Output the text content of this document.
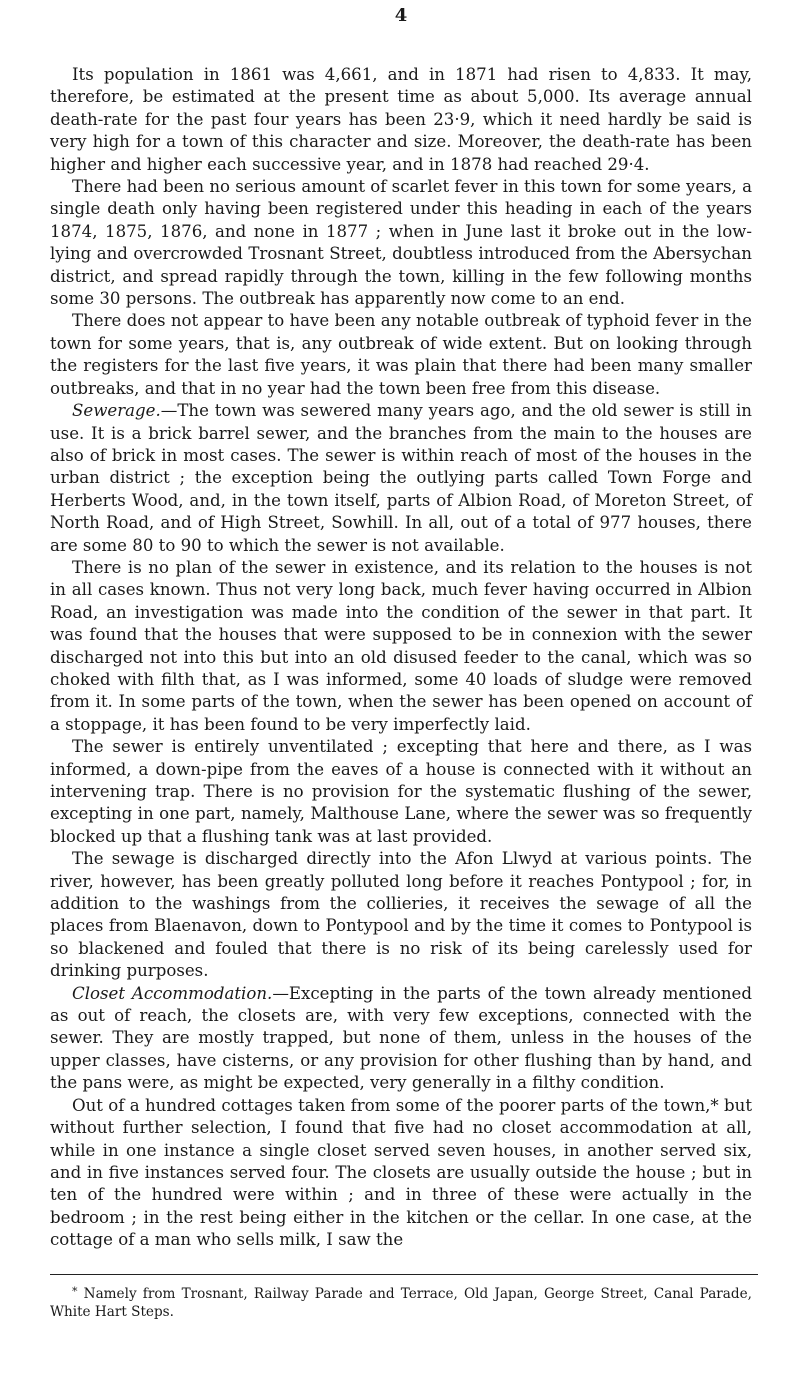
4

Its population in 1861 was 4,661, and in 1871 had risen to 4,833. It may, therefore, be estimated at the present time as about 5,000. Its average annual death-rate for the past four years has been 23·9, which it need hardly be said is very high for a town of this character and size. Moreover, the death-rate has been higher and higher each successive year, and in 1878 had reached 29·4.

There had been no serious amount of scarlet fever in this town for some years, a single death only having been registered under this heading in each of the years 1874, 1875, 1876, and none in 1877 ; when in June last it broke out in the low-lying and overcrowded Trosnant Street, doubtless introduced from the Abersychan district, and spread rapidly through the town, killing in the few following months some 30 persons. The outbreak has apparently now come to an end.

There does not appear to have been any notable outbreak of typhoid fever in the town for some years, that is, any outbreak of wide extent. But on looking through the registers for the last five years, it was plain that there had been many smaller outbreaks, and that in no year had the town been free from this disease.

Sewerage.—The town was sewered many years ago, and the old sewer is still in use. It is a brick barrel sewer, and the branches from the main to the houses are also of brick in most cases. The sewer is within reach of most of the houses in the urban district ; the exception being the outlying parts called Town Forge and Herberts Wood, and, in the town itself, parts of Albion Road, of Moreton Street, of North Road, and of High Street, Sowhill. In all, out of a total of 977 houses, there are some 80 to 90 to which the sewer is not available.

There is no plan of the sewer in existence, and its relation to the houses is not in all cases known. Thus not very long back, much fever having occurred in Albion Road, an investigation was made into the condition of the sewer in that part. It was found that the houses that were supposed to be in connexion with the sewer discharged not into this but into an old disused feeder to the canal, which was so choked with filth that, as I was informed, some 40 loads of sludge were removed from it. In some parts of the town, when the sewer has been opened on account of a stoppage, it has been found to be very imperfectly laid.

The sewer is entirely unventilated ; excepting that here and there, as I was informed, a down-pipe from the eaves of a house is connected with it without an intervening trap. There is no provision for the systematic flushing of the sewer, excepting in one part, namely, Malthouse Lane, where the sewer was so frequently blocked up that a flushing tank was at last provided.

The sewage is discharged directly into the Afon Llwyd at various points. The river, however, has been greatly polluted long before it reaches Pontypool ; for, in addition to the washings from the collieries, it receives the sewage of all the places from Blaenavon, down to Pontypool and by the time it comes to Pontypool is so blackened and fouled that there is no risk of its being carelessly used for drinking purposes.

Closet Accommodation.—Excepting in the parts of the town already mentioned as out of reach, the closets are, with very few exceptions, connected with the sewer. They are mostly trapped, but none of them, unless in the houses of the upper classes, have cisterns, or any provision for other flushing than by hand, and the pans were, as might be expected, very generally in a filthy condition.

Out of a hundred cottages taken from some of the poorer parts of the town,* but without further selection, I found that five had no closet accommodation at all, while in one instance a single closet served seven houses, in another served six, and in five instances served four. The closets are usually outside the house ; but in ten of the hundred were within ; and in three of these were actually in the bedroom ; in the rest being either in the kitchen or the cellar. In one case, at the cottage of a man who sells milk, I saw the

* Namely from Trosnant, Railway Parade and Terrace, Old Japan, George Street, Canal Parade, White Hart Steps.
